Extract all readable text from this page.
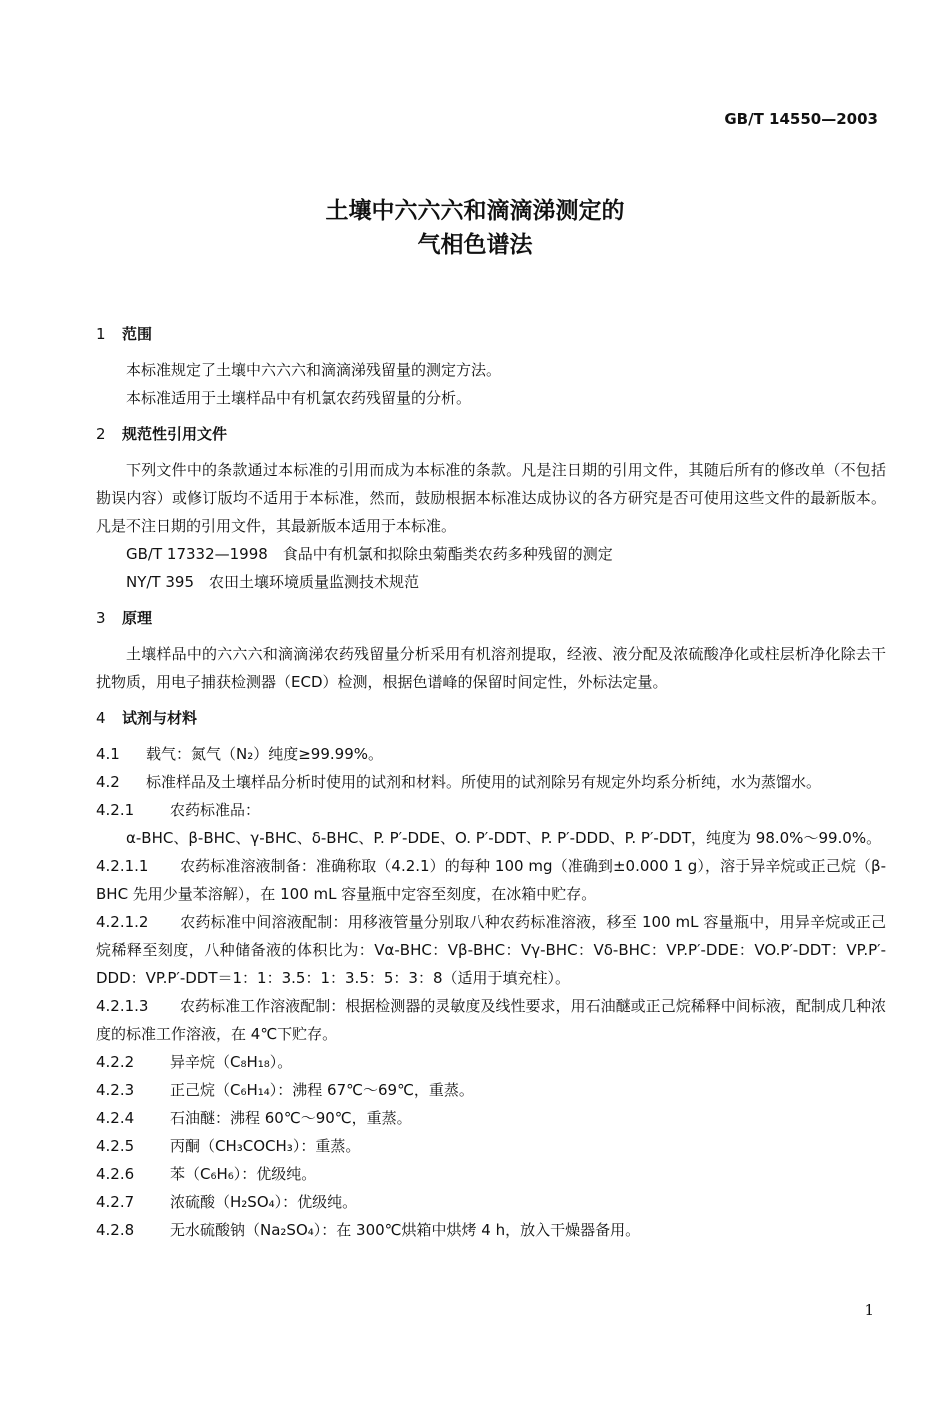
GB/T 14550—2003
土壤中六六六和滴滴涕测定的
气相色谱法

1 范围

本标准规定了土壤中六六六和滴滴涕残留量的测定方法。

本标准适用于土壤样品中有机氯农药残留量的分析。

2 规范性引用文件

下列文件中的条款通过本标准的引用而成为本标准的条款。凡是注日期的引用文件，其随后所有的修改单（不包括勘误内容）或修订版均不适用于本标准，然而，鼓励根据本标准达成协议的各方研究是否可使用这些文件的最新版本。凡是不注日期的引用文件，其最新版本适用于本标准。

GB/T 17332—1998　食品中有机氯和拟除虫菊酯类农药多种残留的测定

NY/T 395　农田土壤环境质量监测技术规范

3 原理

土壤样品中的六六六和滴滴涕农药残留量分析采用有机溶剂提取，经液、液分配及浓硫酸净化或柱层析净化除去干扰物质，用电子捕获检测器（ECD）检测，根据色谱峰的保留时间定性，外标法定量。

4 试剂与材料

4.1 载气：氮气（N₂）纯度≥99.99%。

4.2 标准样品及土壤样品分析时使用的试剂和材料。所使用的试剂除另有规定外均系分析纯，水为蒸馏水。

4.2.1 农药标准品：

α-BHC、β-BHC、γ-BHC、δ-BHC、P. P′-DDE、O. P′-DDT、P. P′-DDD、P. P′-DDT，纯度为 98.0%～99.0%。

4.2.1.1 农药标准溶液制备：准确称取（4.2.1）的每种 100 mg（准确到±0.000 1 g），溶于异辛烷或正己烷（β-BHC 先用少量苯溶解），在 100 mL 容量瓶中定容至刻度，在冰箱中贮存。

4.2.1.2 农药标准中间溶液配制：用移液管量分别取八种农药标准溶液，移至 100 mL 容量瓶中，用异辛烷或正己烷稀释至刻度，八种储备液的体积比为：Vα-BHC：Vβ-BHC：Vγ-BHC：Vδ-BHC：VP.P′-DDE：VO.P′-DDT：VP.P′-DDD：VP.P′-DDT＝1：1：3.5：1：3.5：5：3：8（适用于填充柱）。

4.2.1.3 农药标准工作溶液配制：根据检测器的灵敏度及线性要求，用石油醚或正己烷稀释中间标液，配制成几种浓度的标准工作溶液，在 4℃下贮存。

4.2.2 异辛烷（C₈H₁₈）。

4.2.3 正己烷（C₆H₁₄）：沸程 67℃～69℃，重蒸。

4.2.4 石油醚：沸程 60℃～90℃，重蒸。

4.2.5 丙酮（CH₃COCH₃）：重蒸。

4.2.6 苯（C₆H₆）：优级纯。

4.2.7 浓硫酸（H₂SO₄）：优级纯。

4.2.8 无水硫酸钠（Na₂SO₄）：在 300℃烘箱中烘烤 4 h，放入干燥器备用。

1
